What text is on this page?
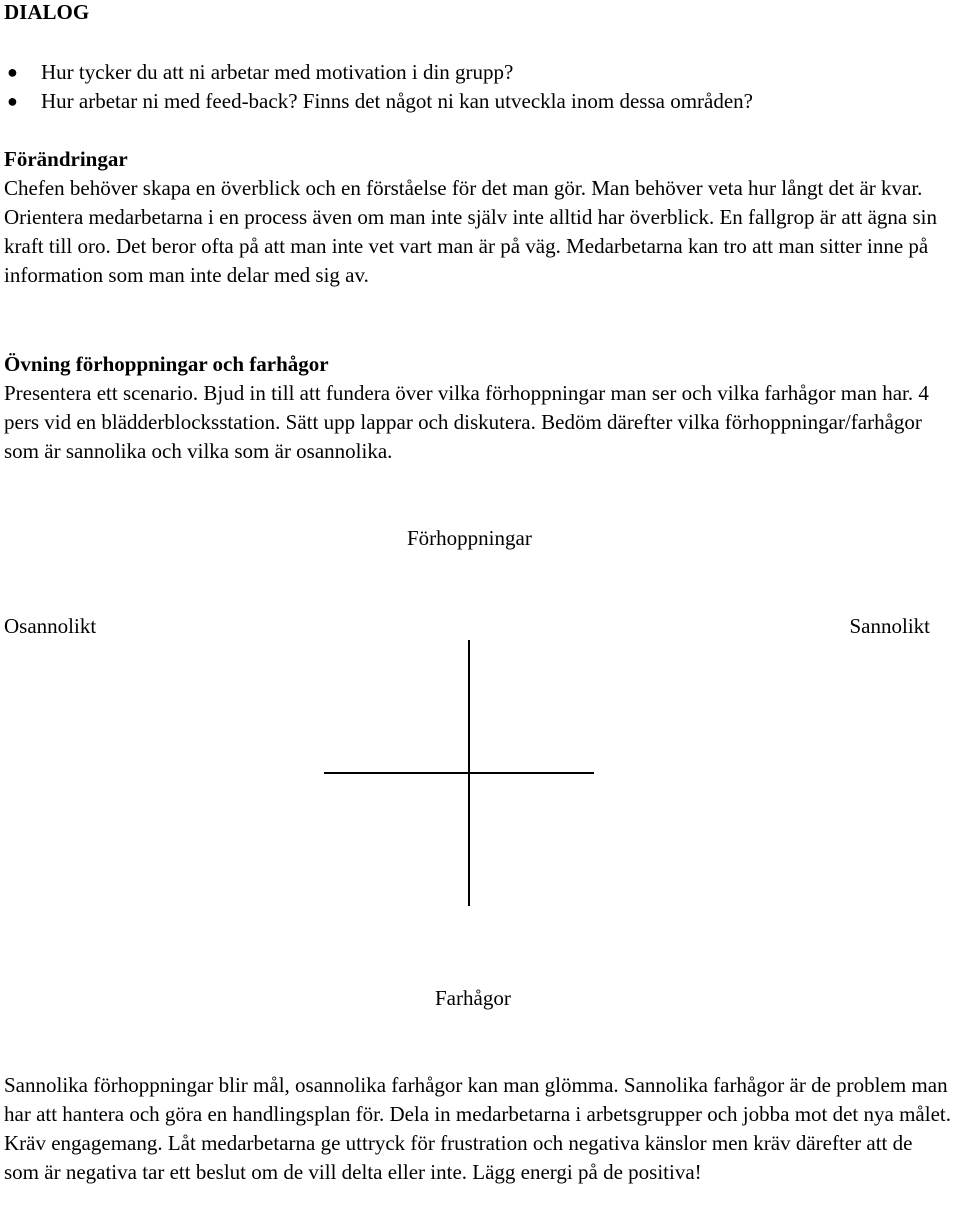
DIALOG
● Hur tycker du att ni arbetar med motivation i din grupp?
● Hur arbetar ni med feed-back? Finns det något ni kan utveckla inom dessa områden?
Förändringar

Chefen behöver skapa en överblick och en förståelse för det man gör. Man behöver veta hur långt det är kvar. Orientera medarbetarna i en process även om man inte själv inte alltid har överblick. En fallgrop är att ägna sin kraft till oro. Det beror ofta på att man inte vet vart man är på väg. Medarbetarna kan tro att man sitter inne på information som man inte delar med sig av.

Övning förhoppningar och farhågor

Presentera ett scenario. Bjud in till att fundera över vilka förhoppningar man ser och vilka farhågor man har. 4 pers vid en blädderblocksstation. Sätt upp lappar och diskutera. Bedöm därefter vilka förhoppningar/farhågor som är sannolika och vilka som är osannolika.

Förhoppningar
Osannolikt	Sannolikt
Farhågor

Sannolika förhoppningar blir mål, osannolika farhågor kan man glömma. Sannolika farhågor är de problem man har att hantera och göra en handlingsplan för. Dela in medarbetarna i arbetsgrupper och jobba mot det nya målet. Kräv engagemang. Låt medarbetarna ge uttryck för frustration och negativa känslor men kräv därefter att de som är negativa tar ett beslut om de vill delta eller inte. Lägg energi på de positiva!
